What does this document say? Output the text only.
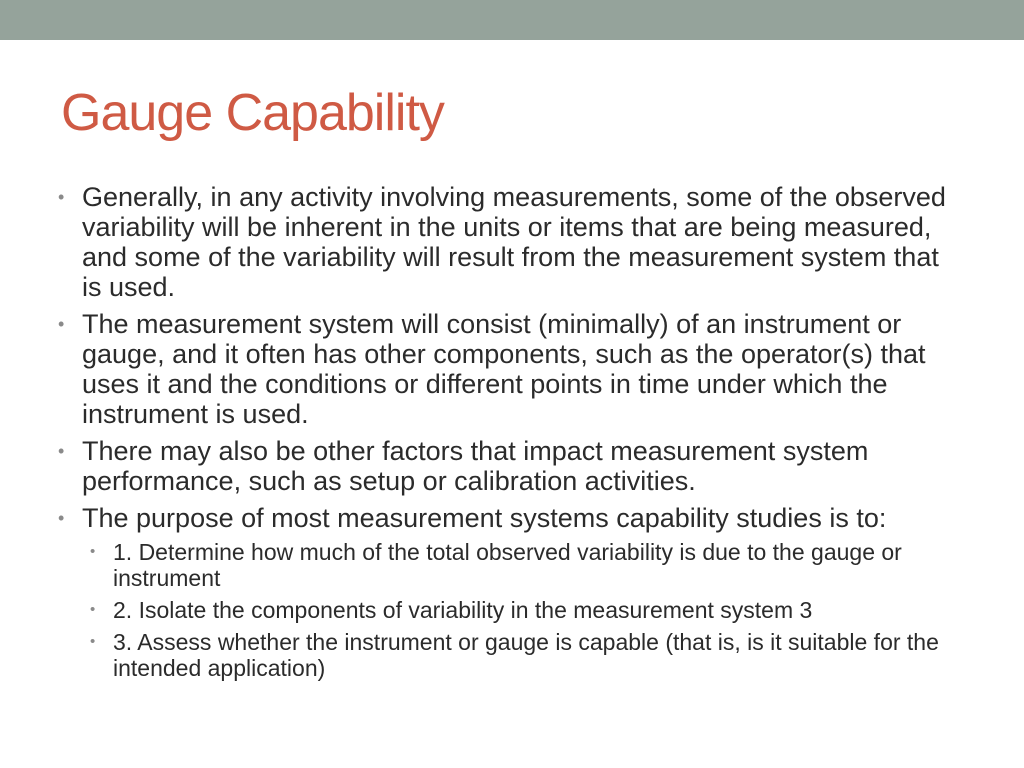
Gauge Capability
• Generally, in any activity involving measurements, some of the observed variability will be inherent in the units or items that are being measured, and some of the variability will result from the measurement system that is used.
• The measurement system will consist (minimally) of an instrument or gauge, and it often has other components, such as the operator(s) that uses it and the conditions or different points in time under which the instrument is used.
• There may also be other factors that impact measurement system performance, such as setup or calibration activities.
• The purpose of most measurement systems capability studies is to:
• 1. Determine how much of the total observed variability is due to the gauge or instrument
• 2. Isolate the components of variability in the measurement system 3
• 3. Assess whether the instrument or gauge is capable (that is, is it suitable for the intended application)
